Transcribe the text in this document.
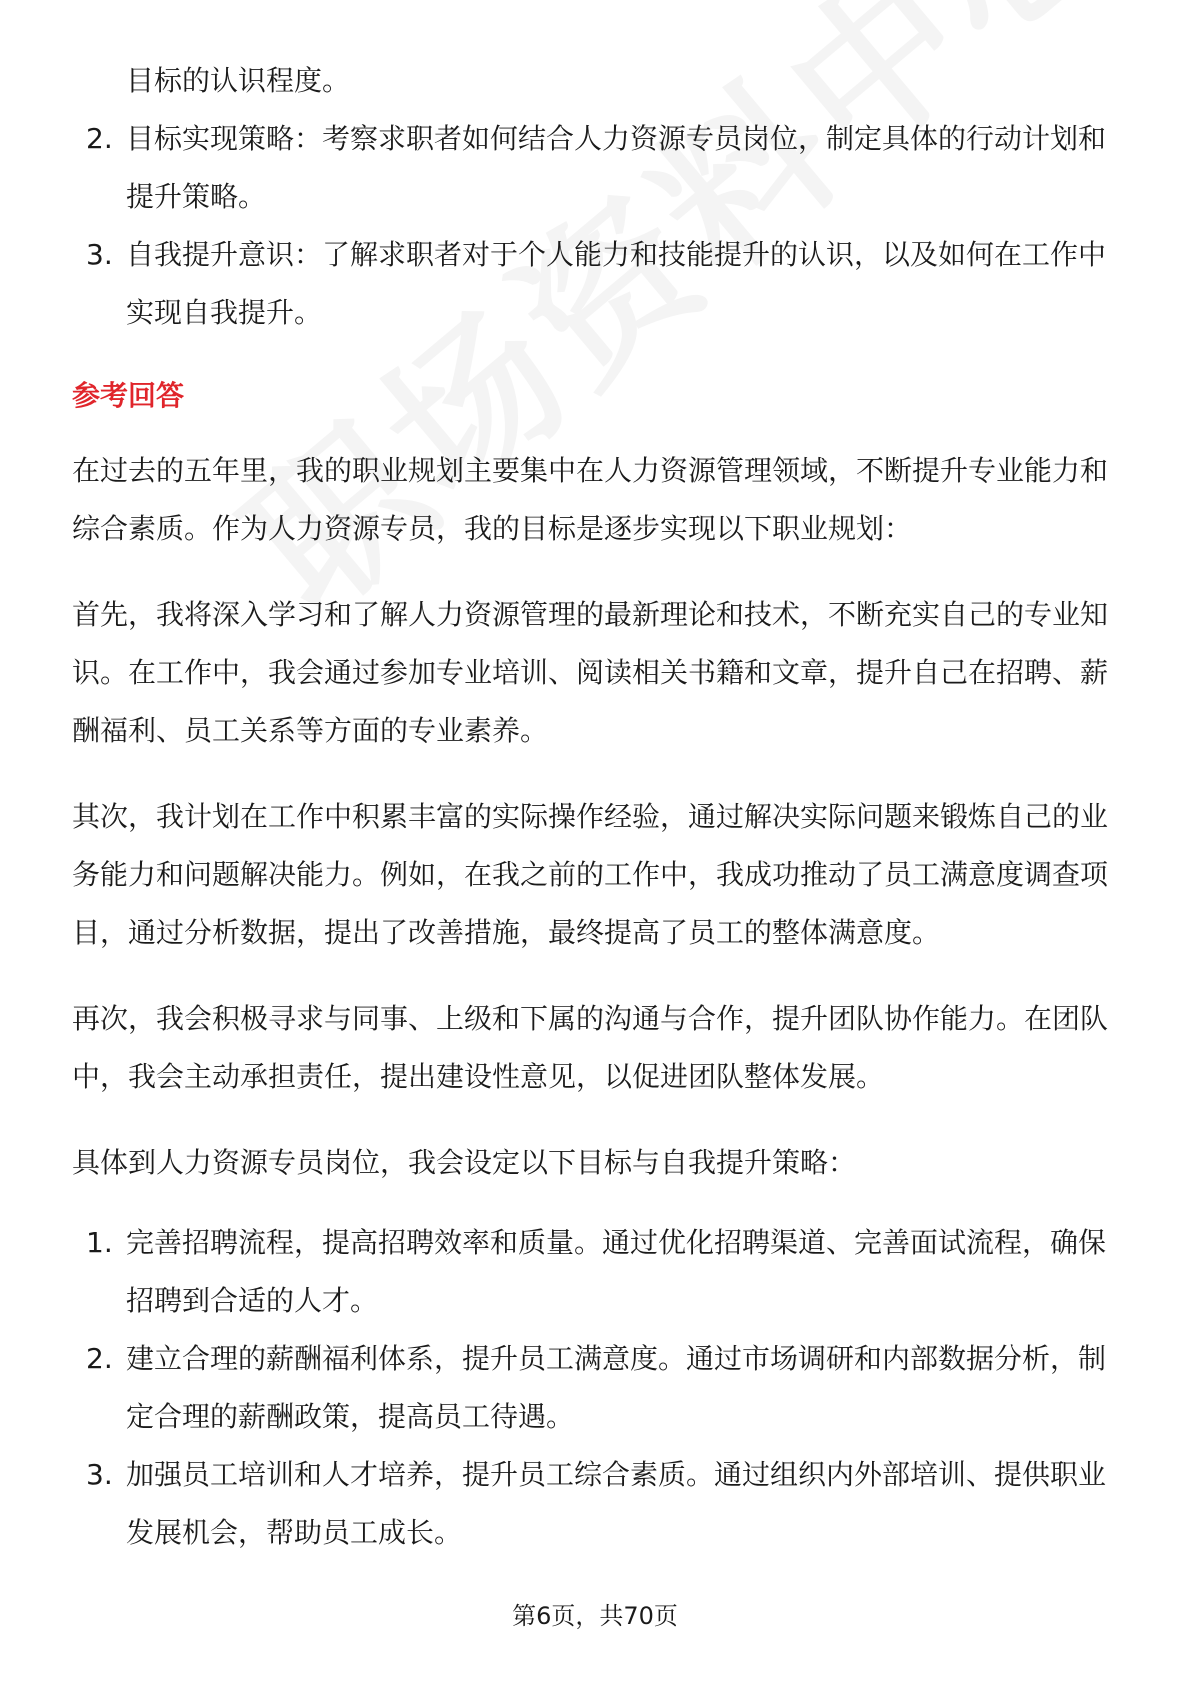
目标的认识程度。
2. 目标实现策略：考察求职者如何结合人力资源专员岗位，制定具体的行动计划和提升策略。
3. 自我提升意识：了解求职者对于个人能力和技能提升的认识，以及如何在工作中实现自我提升。
参考回答

在过去的五年里，我的职业规划主要集中在人力资源管理领域，不断提升专业能力和综合素质。作为人力资源专员，我的目标是逐步实现以下职业规划：

首先，我将深入学习和了解人力资源管理的最新理论和技术，不断充实自己的专业知识。在工作中，我会通过参加专业培训、阅读相关书籍和文章，提升自己在招聘、薪酬福利、员工关系等方面的专业素养。

其次，我计划在工作中积累丰富的实际操作经验，通过解决实际问题来锻炼自己的业务能力和问题解决能力。例如，在我之前的工作中，我成功推动了员工满意度调查项目，通过分析数据，提出了改善措施，最终提高了员工的整体满意度。

再次，我会积极寻求与同事、上级和下属的沟通与合作，提升团队协作能力。在团队中，我会主动承担责任，提出建设性意见，以促进团队整体发展。

具体到人力资源专员岗位，我会设定以下目标与自我提升策略：

1. 完善招聘流程，提高招聘效率和质量。通过优化招聘渠道、完善面试流程，确保招聘到合适的人才。
2. 建立合理的薪酬福利体系，提升员工满意度。通过市场调研和内部数据分析，制定合理的薪酬政策，提高员工待遇。
3. 加强员工培训和人才培养，提升员工综合素质。通过组织内外部培训、提供职业发展机会，帮助员工成长。
第6页，共70页
